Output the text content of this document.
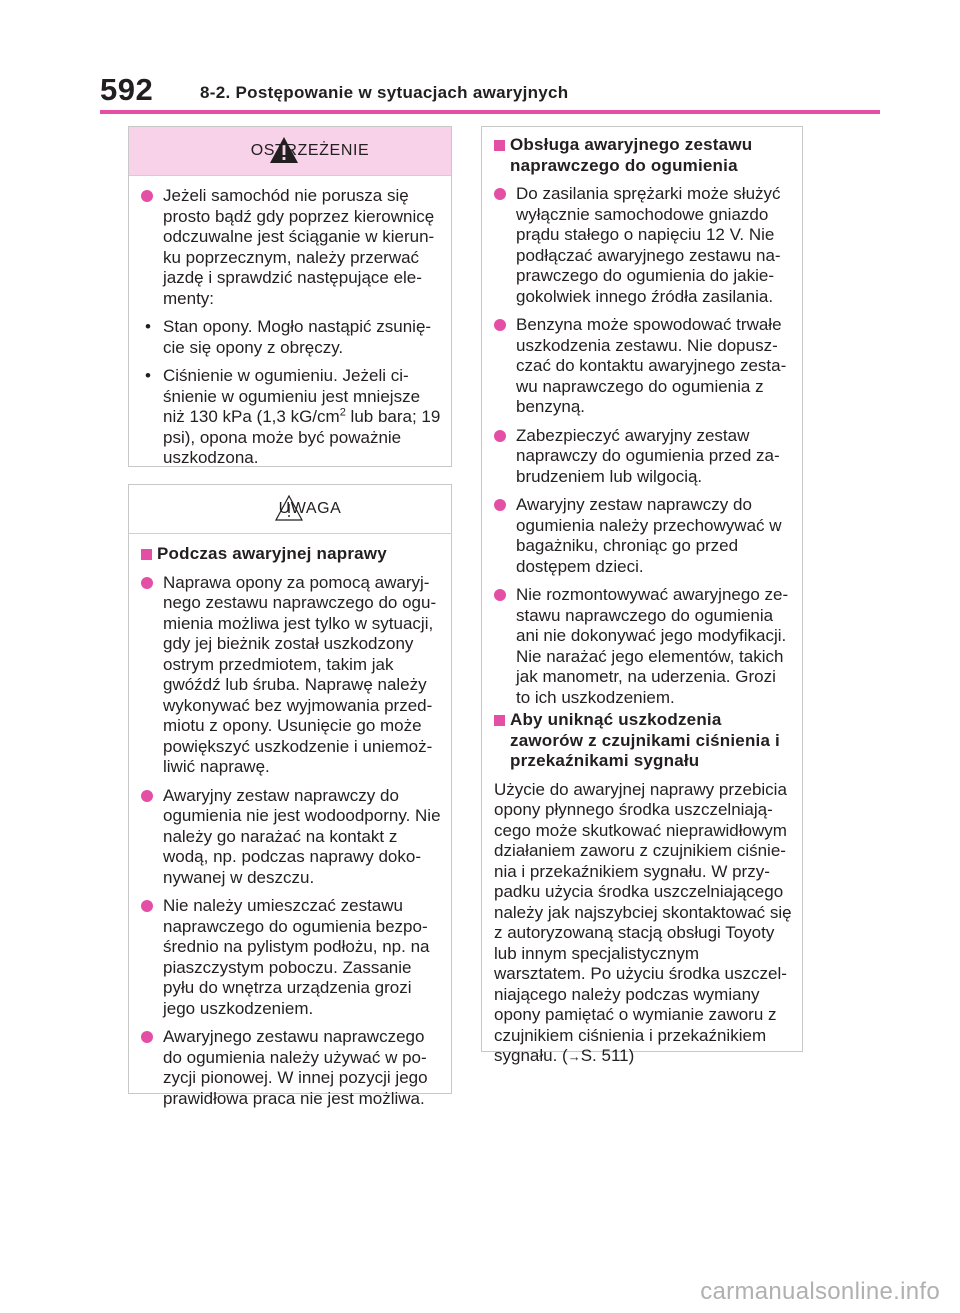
592	8-2. Postępowanie w sytuacjach awaryjnych
OSTRZEŻENIE
Jeżeli samochód nie porusza się prosto bądź gdy poprzez kierownicę odczuwalne jest ściąganie w kierun-ku poprzecznym, należy przerwać jazdę i sprawdzić następujące ele-menty:
• Stan opony. Mogło nastąpić zsunię-cie się opony z obręczy.
• Ciśnienie w ogumieniu. Jeżeli ci-śnienie w ogumieniu jest mniejsze niż 130 kPa (1,3 $kG/cm^2$ lub bara; 19 psi), opona może być poważnie uszkodzona.
UWAGA
Podczas awaryjnej naprawy
Naprawa opony za pomocą awaryj-nego zestawu naprawczego do ogu-mienia możliwa jest tylko w sytuacji, gdy jej bieżnik został uszkodzony ostrym przedmiotem, takim jak gwóźdź lub śruba. Naprawę należy wykonywać bez wyjmowania przed-miotu z opony. Usunięcie go może powiększyć uszkodzenie i uniemoż-liwić naprawę.
Awaryjny zestaw naprawczy do ogumienia nie jest wodoodporny. Nie należy go narażać na kontakt z wodą, np. podczas naprawy doko-nywanej w deszczu.
Nie należy umieszczać zestawu naprawczego do ogumienia bezpo-średnio na pylistym podłożu, np. na piaszczystym poboczu. Zassanie pyłu do wnętrza urządzenia grozi jego uszkodzeniem.
Awaryjnego zestawu naprawczego do ogumienia należy używać w po-zycji pionowej. W innej pozycji jego prawidłowa praca nie jest możliwa.
Obsługa awaryjnego zestawu naprawczego do ogumienia
Do zasilania sprężarki może służyć wyłącznie samochodowe gniazdo prądu stałego o napięciu 12 V. Nie podłączać awaryjnego zestawu na-prawczego do ogumienia do jakie-gokolwiek innego źródła zasilania.
Benzyna może spowodować trwałe uszkodzenia zestawu. Nie dopusz-czać do kontaktu awaryjnego zesta-wu naprawczego do ogumienia z benzyną.
Zabezpieczyć awaryjny zestaw naprawczy do ogumienia przed za-brudzeniem lub wilgocią.
Awaryjny zestaw naprawczy do ogumienia należy przechowywać w bagażniku, chroniąc go przed dostępem dzieci.
Nie rozmontowywać awaryjnego ze-stawu naprawczego do ogumienia ani nie dokonywać jego modyfikacji. Nie narażać jego elementów, takich jak manometr, na uderzenia. Grozi to ich uszkodzeniem.
Aby uniknąć uszkodzenia zaworów z czujnikami ciśnienia i przekaźnikami sygnału

Użycie do awaryjnej naprawy przebicia opony płynnego środka uszczelniają-cego może skutkować nieprawidłowym działaniem zaworu z czujnikiem ciśnie-nia i przekaźnikiem sygnału. W przy-padku użycia środka uszczelniającego należy jak najszybciej skontaktować się z autoryzowaną stacją obsługi Toyoty lub innym specjalistycznym warsztatem. Po użyciu środka uszczel-niającego należy podczas wymiany opony pamiętać o wymianie zaworu z czujnikiem ciśnienia i przekaźnikiem sygnału. (→S. 511)

carmanualsonline.info
